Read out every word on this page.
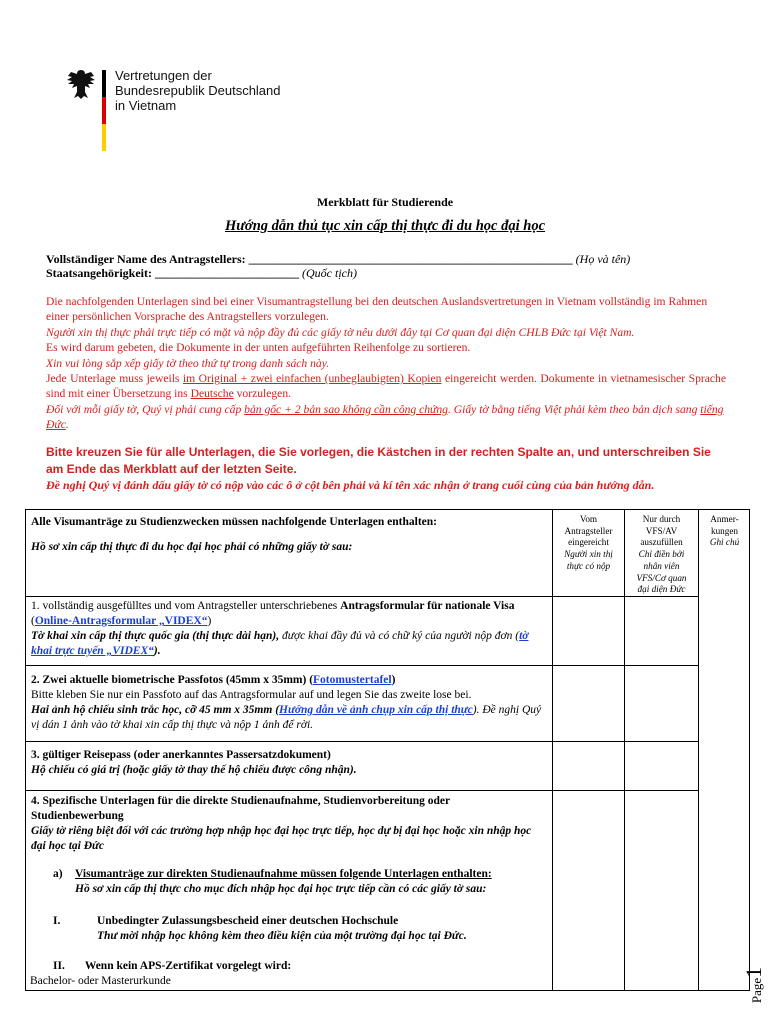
Vertretungen der
Bundesrepublik Deutschland
in Vietnam
Merkblatt für Studierende
Hướng dẫn thủ tục xin cấp thị thực đi du học đại học
Vollständiger Name des Antragstellers: ______________________________________________________ (Họ và tên)
Staatsangehörigkeit: ________________________ (Quốc tịch)
Die nachfolgenden Unterlagen sind bei einer Visumantragstellung bei den deutschen Auslandsvertretungen in Vietnam vollständig im Rahmen einer persönlichen Vorsprache des Antragstellers vorzulegen.
Người xin thị thực phải trực tiếp có mặt và nộp đầy đủ các giấy tờ nêu dưới đây tại Cơ quan đại diện CHLB Đức tại Việt Nam.
Es wird darum gebeten, die Dokumente in der unten aufgeführten Reihenfolge zu sortieren.
Xin vui lòng sắp xếp giấy tờ theo thứ tự trong danh sách này.
Jede Unterlage muss jeweils im Original + zwei einfachen (unbeglaubigten) Kopien eingereicht werden. Dokumente in vietnamesischer Sprache sind mit einer Übersetzung ins Deutsche vorzulegen.
Đối với mỗi giấy tờ, Quý vị phải cung cấp bản gốc + 2 bản sao không cần công chứng. Giấy tờ bằng tiếng Việt phải kèm theo bản dịch sang tiếng Đức.
Bitte kreuzen Sie für alle Unterlagen, die Sie vorlegen, die Kästchen in der rechten Spalte an, und unterschreiben Sie am Ende das Merkblatt auf der letzten Seite.
Đề nghị Quý vị đánh dấu giấy tờ có nộp vào các ô ở cột bên phải và kí tên xác nhận ở trang cuối cùng của bản hướng dẫn.
Alle Visumanträge zu Studienzwecken müssen nachfolgende Unterlagen enthalten:
Hồ sơ xin cấp thị thực đi du học đại học phải có những giấy tờ sau:
Vom
Antragsteller
eingereicht
Người xin thị
thực có nộp
Nur durch
VFS/AV
auszufüllen
Chỉ điền bởi
nhân viên
VFS/Cơ quan
đại diện Đức
Anmer-
kungen
Ghi chú
1. vollständig ausgefülltes und vom Antragsteller unterschriebenes Antragsformular für nationale Visa (Online-Antragsformular „VIDEX“)
Tờ khai xin cấp thị thực quốc gia (thị thực dài hạn), được khai đầy đủ và có chữ ký của người nộp đơn (tờ khai trực tuyến „VIDEX“).
2. Zwei aktuelle biometrische Passfotos (45mm x 35mm) (Fotomustertafel)
Bitte kleben Sie nur ein Passfoto auf das Antragsformular auf und legen Sie das zweite lose bei.
Hai ảnh hộ chiếu sinh trắc học, cỡ 45 mm x 35mm (Hướng dẫn về ảnh chụp xin cấp thị thực). Đề nghị Quý vị dán 1 ảnh vào tờ khai xin cấp thị thực và nộp 1 ảnh để rời.
3. gültiger Reisepass (oder anerkanntes Passersatzdokument)
Hộ chiếu có giá trị (hoặc giấy tờ thay thế hộ chiếu được công nhận).
4. Spezifische Unterlagen für die direkte Studienaufnahme, Studienvorbereitung oder Studienbewerbung
Giấy tờ riêng biệt đối với các trường hợp nhập học đại học trực tiếp, học dự bị đại học hoặc xin nhập học đại học tại Đức
a) Visumanträge zur direkten Studienaufnahme müssen folgende Unterlagen enthalten:
Hồ sơ xin cấp thị thực cho mục đích nhập học đại học trực tiếp cần có các giấy tờ sau:
I.	Unbedingter Zulassungsbescheid einer deutschen Hochschule
Thư mời nhập học không kèm theo điều kiện của một trường đại học tại Đức.
II. Wenn kein APS-Zertifikat vorgelegt wird:
Bachelor- oder Masterurkunde	Page1
